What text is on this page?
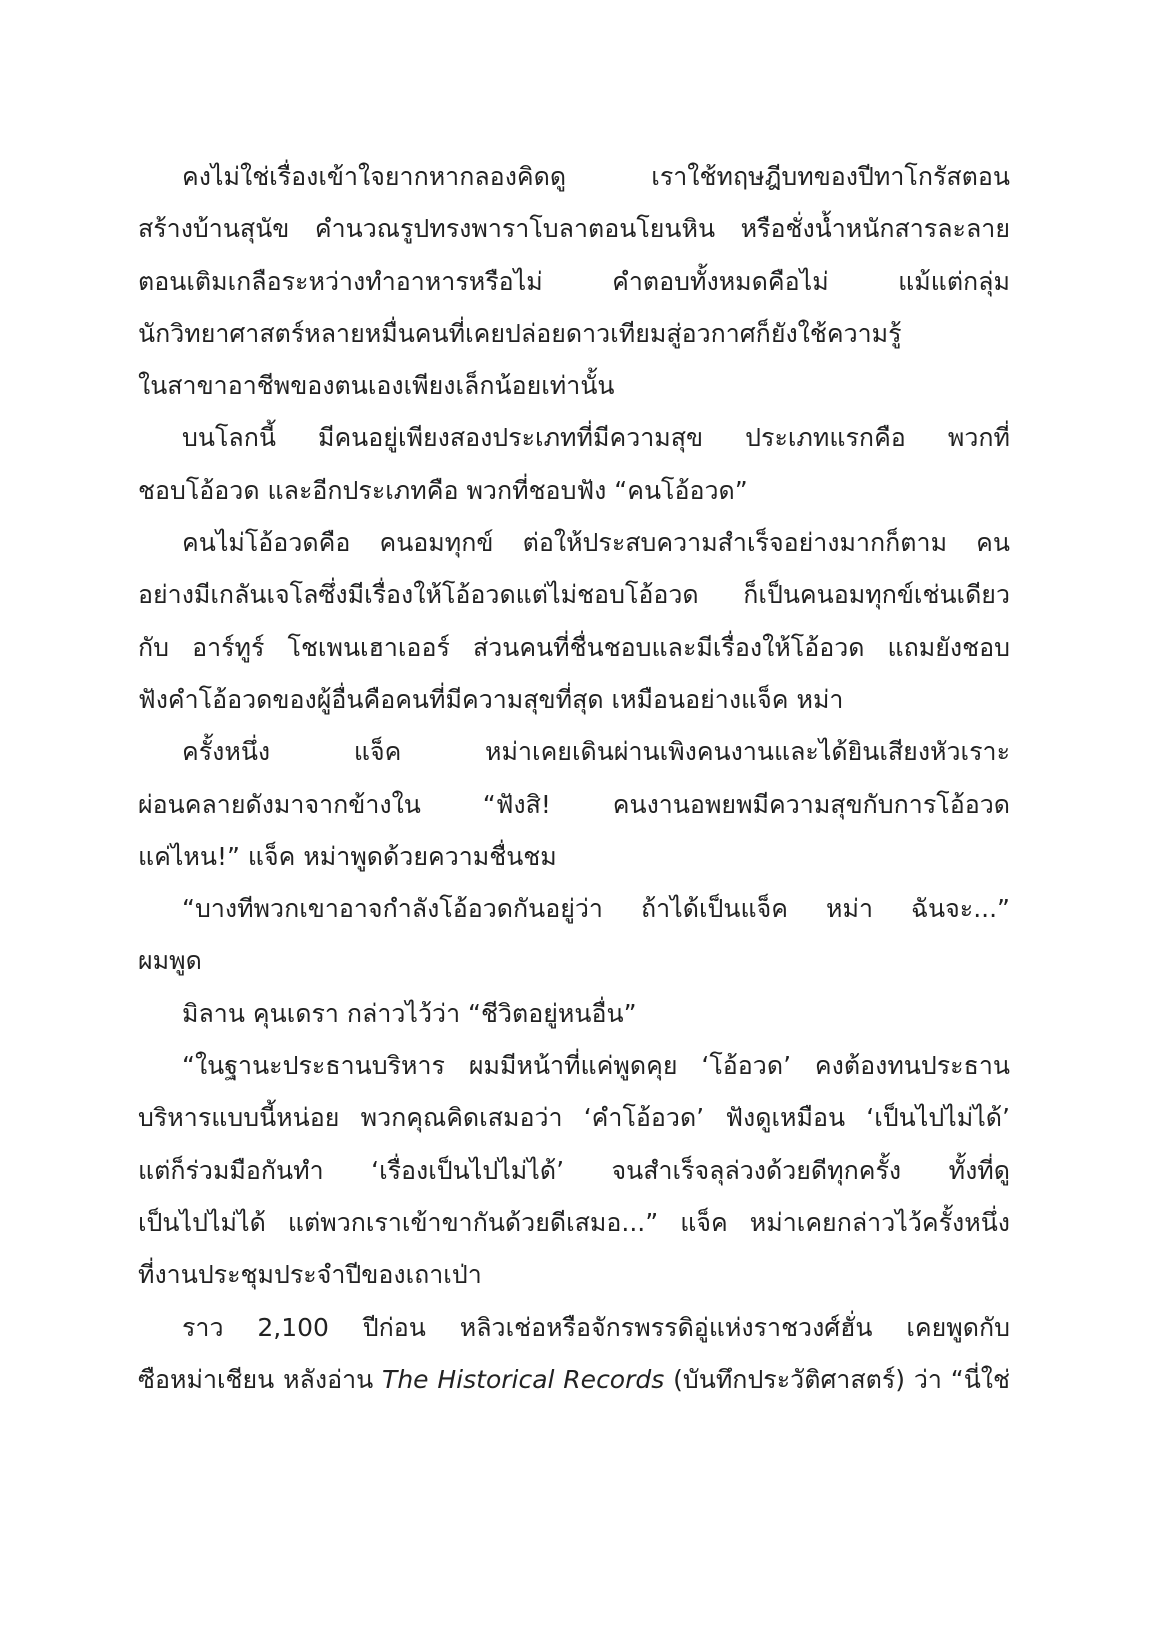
คงไม่ใช่เรื่องเข้าใจยากหากลองคิดดู เราใช้ทฤษฎีบทของปีทาโกรัสตอน
สร้างบ้านสุนัข คำนวณรูปทรงพาราโบลาตอนโยนหิน หรือชั่งน้ำหนักสารละลาย
ตอนเติมเกลือระหว่างทำอาหารหรือไม่ คำตอบทั้งหมดคือไม่ แม้แต่กลุ่ม
นักวิทยาศาสตร์หลายหมื่นคนที่เคยปล่อยดาวเทียมสู่อวกาศก็ยังใช้ความรู้
ในสาขาอาชีพของตนเองเพียงเล็กน้อยเท่านั้น
บนโลกนี้ มีคนอยู่เพียงสองประเภทที่มีความสุข ประเภทแรกคือ พวกที่
ชอบโอ้อวด และอีกประเภทคือ พวกที่ชอบฟัง “คนโอ้อวด”
คนไม่โอ้อวดคือ คนอมทุกข์ ต่อให้ประสบความสำเร็จอย่างมากก็ตาม คน
อย่างมีเกลันเจโลซึ่งมีเรื่องให้โอ้อวดแต่ไม่ชอบโอ้อวด ก็เป็นคนอมทุกข์เช่นเดียว
กับ อาร์ทูร์ โชเพนเฮาเออร์ ส่วนคนที่ชื่นชอบและมีเรื่องให้โอ้อวด แถมยังชอบ
ฟังคำโอ้อวดของผู้อื่นคือคนที่มีความสุขที่สุด เหมือนอย่างแจ็ค หม่า
ครั้งหนึ่ง แจ็ค หม่าเคยเดินผ่านเพิงคนงานและได้ยินเสียงหัวเราะ
ผ่อนคลายดังมาจากข้างใน “ฟังสิ! คนงานอพยพมีความสุขกับการโอ้อวด
แค่ไหน!” แจ็ค หม่าพูดด้วยความชื่นชม
“บางทีพวกเขาอาจกำลังโอ้อวดกันอยู่ว่า ถ้าได้เป็นแจ็ค หม่า ฉันจะ...”
ผมพูด
มิลาน คุนเดรา กล่าวไว้ว่า “ชีวิตอยู่หนอื่น”
“ในฐานะประธานบริหาร ผมมีหน้าที่แค่พูดคุย ‘โอ้อวด’ คงต้องทนประธาน
บริหารแบบนี้หน่อย พวกคุณคิดเสมอว่า ‘คำโอ้อวด’ ฟังดูเหมือน ‘เป็นไปไม่ได้’
แต่ก็ร่วมมือกันทำ ‘เรื่องเป็นไปไม่ได้’ จนสำเร็จลุล่วงด้วยดีทุกครั้ง ทั้งที่ดู
เป็นไปไม่ได้ แต่พวกเราเข้าขากันด้วยดีเสมอ...” แจ็ค หม่าเคยกล่าวไว้ครั้งหนึ่ง
ที่งานประชุมประจำปีของเถาเป่า
ราว 2,100 ปีก่อน หลิวเช่อหรือจักรพรรดิอู่แห่งราชวงศ์ฮั่น เคยพูดกับ
ซือหม่าเชียน หลังอ่าน The Historical Records (บันทึกประวัติศาสตร์) ว่า “นี่ใช่
